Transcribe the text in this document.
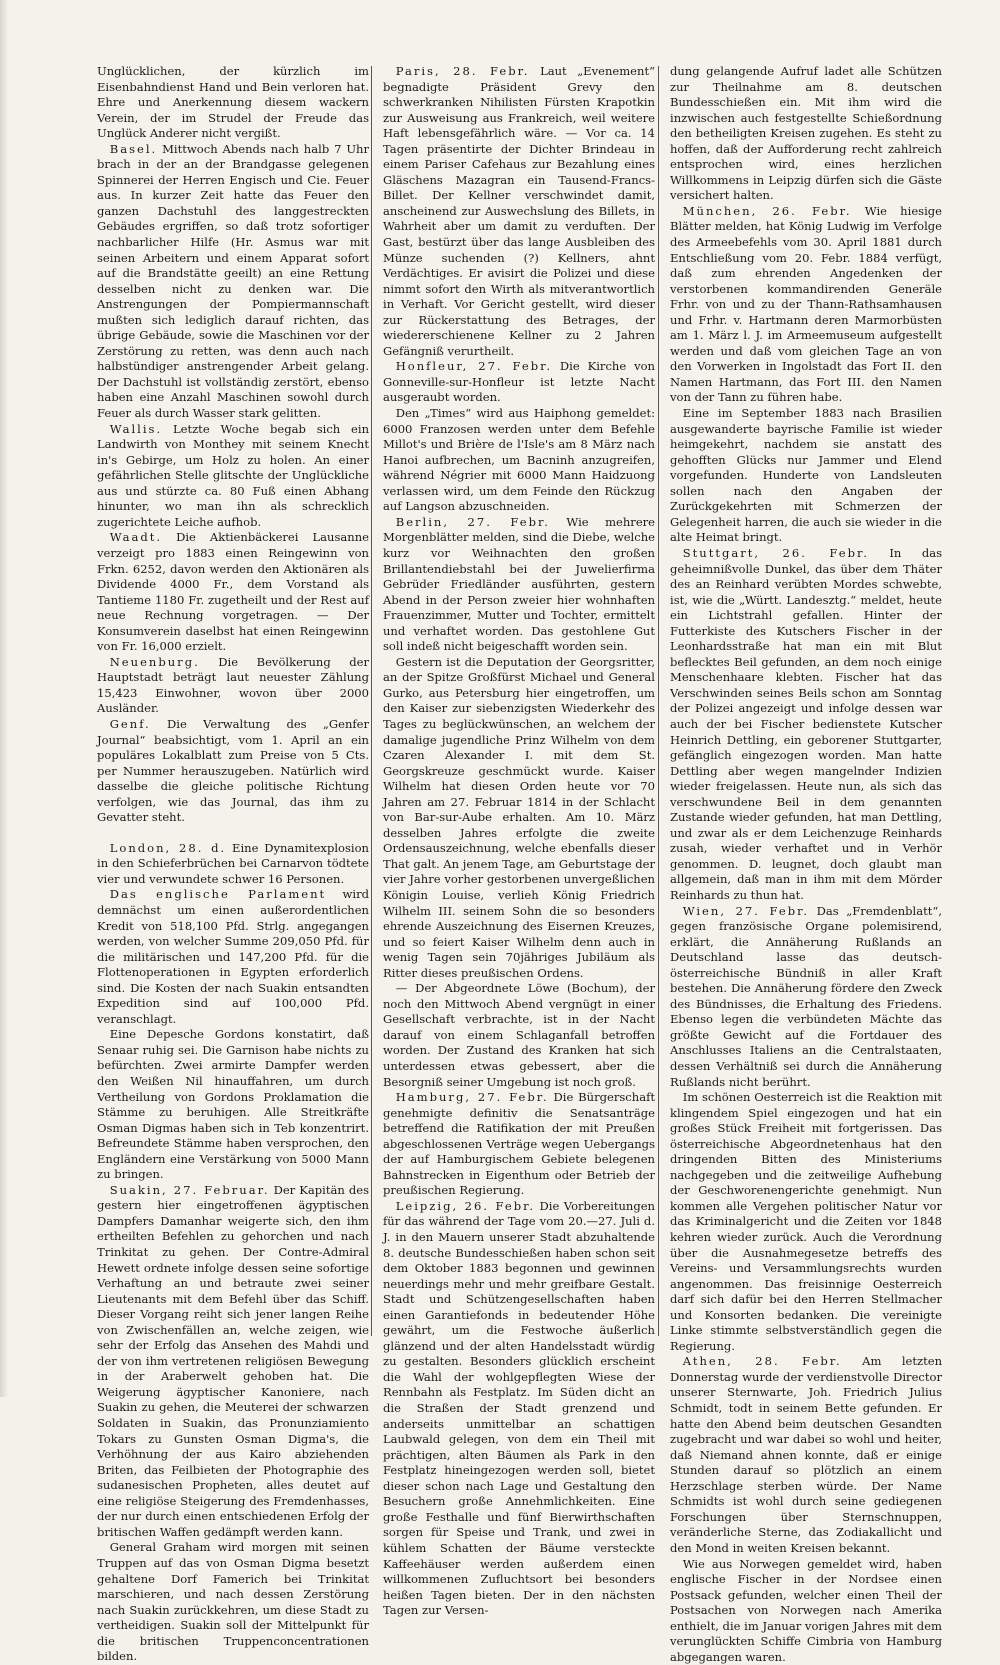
Unglücklichen, der kürzlich im Eisenbahndienst Hand und Bein verloren hat. Ehre und Anerkennung diesem wackern Verein, der im Strudel der Freude das Unglück Anderer nicht vergißt.

Basel. Mittwoch Abends nach halb 7 Uhr brach in der an der Brandgasse gelegenen Spinnerei der Herren Engisch und Cie. Feuer aus. In kurzer Zeit hatte das Feuer den ganzen Dachstuhl des langgestreckten Gebäudes ergriffen, so daß trotz sofortiger nachbarlicher Hilfe (Hr. Asmus war mit seinen Arbeitern und einem Apparat sofort auf die Brandstätte geeilt) an eine Rettung desselben nicht zu denken war. Die Anstrengungen der Pompiermannschaft mußten sich lediglich darauf richten, das übrige Gebäude, sowie die Maschinen vor der Zerstörung zu retten, was denn auch nach halbstündiger anstrengender Arbeit gelang. Der Dachstuhl ist vollständig zerstört, ebenso haben eine Anzahl Maschinen sowohl durch Feuer als durch Wasser stark gelitten.

Wallis. Letzte Woche begab sich ein Landwirth von Monthey mit seinem Knecht in's Gebirge, um Holz zu holen. An einer gefährlichen Stelle glitschte der Unglückliche aus und stürzte ca. 80 Fuß einen Abhang hinunter, wo man ihn als schrecklich zugerichtete Leiche aufhob.

Waadt. Die Aktienbäckerei Lausanne verzeigt pro 1883 einen Reingewinn von Frkn. 6252, davon werden den Aktionären als Dividende 4000 Fr., dem Vorstand als Tantieme 1180 Fr. zugetheilt und der Rest auf neue Rechnung vorgetragen. — Der Konsumverein daselbst hat einen Reingewinn von Fr. 16,000 erzielt.

Neuenburg. Die Bevölkerung der Hauptstadt beträgt laut neuester Zählung 15,423 Einwohner, wovon über 2000 Ausländer.

Genf. Die Verwaltung des „Genfer Journal“ beabsichtigt, vom 1. April an ein populäres Lokalblatt zum Preise von 5 Cts. per Nummer herauszugeben. Natürlich wird dasselbe die gleiche politische Richtung verfolgen, wie das Journal, das ihm zu Gevatter steht.

London, 28. d. Eine Dynamitexplosion in den Schieferbrüchen bei Carnarvon tödtete vier und verwundete schwer 16 Personen.

Das englische Parlament wird demnächst um einen außerordentlichen Kredit von 518,100 Pfd. Strlg. angegangen werden, von welcher Summe 209,050 Pfd. für die militärischen und 147,200 Pfd. für die Flottenoperationen in Egypten erforderlich sind. Die Kosten der nach Suakin entsandten Expedition sind auf 100,000 Pfd. veranschlagt.

Eine Depesche Gordons konstatirt, daß Senaar ruhig sei. Die Garnison habe nichts zu befürchten. Zwei armirte Dampfer werden den Weißen Nil hinauffahren, um durch Vertheilung von Gordons Proklamation die Stämme zu beruhigen. Alle Streitkräfte Osman Digmas haben sich in Teb konzentrirt. Befreundete Stämme haben versprochen, den Engländern eine Verstärkung von 5000 Mann zu bringen.

Suakin, 27. Februar. Der Kapitän des gestern hier eingetroffenen ägyptischen Dampfers Damanhar weigerte sich, den ihm ertheilten Befehlen zu gehorchen und nach Trinkitat zu gehen. Der Contre-Admiral Hewett ordnete infolge dessen seine sofortige Verhaftung an und betraute zwei seiner Lieutenants mit dem Befehl über das Schiff. Dieser Vorgang reiht sich jener langen Reihe von Zwischenfällen an, welche zeigen, wie sehr der Erfolg das Ansehen des Mahdi und der von ihm vertretenen religiösen Bewegung in der Araberwelt gehoben hat. Die Weigerung ägyptischer Kanoniere, nach Suakin zu gehen, die Meuterei der schwarzen Soldaten in Suakin, das Pronunziamiento Tokars zu Gunsten Osman Digma's, die Verhöhnung der aus Kairo abziehenden Briten, das Feilbieten der Photographie des sudanesischen Propheten, alles deutet auf eine religiöse Steigerung des Fremdenhasses, der nur durch einen entschiedenen Erfolg der britischen Waffen gedämpft werden kann.

General Graham wird morgen mit seinen Truppen auf das von Osman Digma besetzt gehaltene Dorf Famerich bei Trinkitat marschieren, und nach dessen Zerstörung nach Suakin zurückkehren, um diese Stadt zu vertheidigen. Suakin soll der Mittelpunkt für die britischen Truppenconcentrationen bilden.

Paris, 28. Febr. Laut „Evenement“ begnadigte Präsident Grevy den schwerkranken Nihilisten Fürsten Krapotkin zur Ausweisung aus Frankreich, weil weitere Haft lebensgefährlich wäre. — Vor ca. 14 Tagen präsentirte der Dichter Brindeau in einem Pariser Cafehaus zur Bezahlung eines Gläschens Mazagran ein Tausend-Francs-Billet. Der Kellner verschwindet damit, anscheinend zur Auswechslung des Billets, in Wahrheit aber um damit zu verduften. Der Gast, bestürzt über das lange Ausbleiben des Münze suchenden (?) Kellners, ahnt Verdächtiges. Er avisirt die Polizei und diese nimmt sofort den Wirth als mitverantwortlich in Verhaft. Vor Gericht gestellt, wird dieser zur Rückerstattung des Betrages, der wiedererschienene Kellner zu 2 Jahren Gefängniß verurtheilt.

Honfleur, 27. Febr. Die Kirche von Gonneville-sur-Honfleur ist letzte Nacht ausgeraubt worden.

Den „Times“ wird aus Haiphong gemeldet: 6000 Franzosen werden unter dem Befehle Millot's und Brière de l'Isle's am 8 März nach Hanoi aufbrechen, um Bacninh anzugreifen, während Négrier mit 6000 Mann Haidzuong verlassen wird, um dem Feinde den Rückzug auf Langson abzuschneiden.

Berlin, 27. Febr. Wie mehrere Morgenblätter melden, sind die Diebe, welche kurz vor Weihnachten den großen Brillantendiebstahl bei der Juwelierfirma Gebrüder Friedländer ausführten, gestern Abend in der Person zweier hier wohnhaften Frauenzimmer, Mutter und Tochter, ermittelt und verhaftet worden. Das gestohlene Gut soll indeß nicht beigeschafft worden sein.

Gestern ist die Deputation der Georgsritter, an der Spitze Großfürst Michael und General Gurko, aus Petersburg hier eingetroffen, um den Kaiser zur siebenzigsten Wiederkehr des Tages zu beglückwünschen, an welchem der damalige jugendliche Prinz Wilhelm von dem Czaren Alexander I. mit dem St. Georgskreuze geschmückt wurde. Kaiser Wilhelm hat diesen Orden heute vor 70 Jahren am 27. Februar 1814 in der Schlacht von Bar-sur-Aube erhalten. Am 10. März desselben Jahres erfolgte die zweite Ordensauszeichnung, welche ebenfalls dieser That galt. An jenem Tage, am Geburtstage der vier Jahre vorher gestorbenen unvergeßlichen Königin Louise, verlieh König Friedrich Wilhelm III. seinem Sohn die so besonders ehrende Auszeichnung des Eisernen Kreuzes, und so feiert Kaiser Wilhelm denn auch in wenig Tagen sein 70jähriges Jubiläum als Ritter dieses preußischen Ordens.

— Der Abgeordnete Löwe (Bochum), der noch den Mittwoch Abend vergnügt in einer Gesellschaft verbrachte, ist in der Nacht darauf von einem Schlaganfall betroffen worden. Der Zustand des Kranken hat sich unterdessen etwas gebessert, aber die Besorgniß seiner Umgebung ist noch groß.

Hamburg, 27. Febr. Die Bürgerschaft genehmigte definitiv die Senatsanträge betreffend die Ratifikation der mit Preußen abgeschlossenen Verträge wegen Uebergangs der auf Hamburgischem Gebiete belegenen Bahnstrecken in Eigenthum oder Betrieb der preußischen Regierung.

Leipzig, 26. Febr. Die Vorbereitungen für das während der Tage vom 20.—27. Juli d. J. in den Mauern unserer Stadt abzuhaltende 8. deutsche Bundesschießen haben schon seit dem Oktober 1883 begonnen und gewinnen neuerdings mehr und mehr greifbare Gestalt. Stadt und Schützengesellschaften haben einen Garantiefonds in bedeutender Höhe gewährt, um die Festwoche äußerlich glänzend und der alten Handelsstadt würdig zu gestalten. Besonders glücklich erscheint die Wahl der wohlgepflegten Wiese der Rennbahn als Festplatz. Im Süden dicht an die Straßen der Stadt grenzend und anderseits unmittelbar an schattigen Laubwald gelegen, von dem ein Theil mit prächtigen, alten Bäumen als Park in den Festplatz hineingezogen werden soll, bietet dieser schon nach Lage und Gestaltung den Besuchern große Annehmlichkeiten. Eine große Festhalle und fünf Bierwirthschaften sorgen für Speise und Trank, und zwei in kühlem Schatten der Bäume versteckte Kaffeehäuser werden außerdem einen willkommenen Zufluchtsort bei besonders heißen Tagen bieten. Der in den nächsten Tagen zur Versen-

dung gelangende Aufruf ladet alle Schützen zur Theilnahme am 8. deutschen Bundesschießen ein. Mit ihm wird die inzwischen auch festgestellte Schießordnung den betheiligten Kreisen zugehen. Es steht zu hoffen, daß der Aufforderung recht zahlreich entsprochen wird, eines herzlichen Willkommens in Leipzig dürfen sich die Gäste versichert halten.

München, 26. Febr. Wie hiesige Blätter melden, hat König Ludwig im Verfolge des Armeebefehls vom 30. April 1881 durch Entschließung vom 20. Febr. 1884 verfügt, daß zum ehrenden Angedenken der verstorbenen kommandirenden Generäle Frhr. von und zu der Thann-Rathsamhausen und Frhr. v. Hartmann deren Marmorbüsten am 1. März l. J. im Armeemuseum aufgestellt werden und daß vom gleichen Tage an von den Vorwerken in Ingolstadt das Fort II. den Namen Hartmann, das Fort III. den Namen von der Tann zu führen habe.

Eine im September 1883 nach Brasilien ausgewanderte bayrische Familie ist wieder heimgekehrt, nachdem sie anstatt des gehofften Glücks nur Jammer und Elend vorgefunden. Hunderte von Landsleuten sollen nach den Angaben der Zurückgekehrten mit Schmerzen der Gelegenheit harren, die auch sie wieder in die alte Heimat bringt.

Stuttgart, 26. Febr. In das geheimnißvolle Dunkel, das über dem Thäter des an Reinhard verübten Mordes schwebte, ist, wie die „Württ. Landesztg.“ meldet, heute ein Lichtstrahl gefallen. Hinter der Futterkiste des Kutschers Fischer in der Leonhardsstraße hat man ein mit Blut beflecktes Beil gefunden, an dem noch einige Menschenhaare klebten. Fischer hat das Verschwinden seines Beils schon am Sonntag der Polizei angezeigt und infolge dessen war auch der bei Fischer bedienstete Kutscher Heinrich Dettling, ein geborener Stuttgarter, gefänglich eingezogen worden. Man hatte Dettling aber wegen mangelnder Indizien wieder freigelassen. Heute nun, als sich das verschwundene Beil in dem genannten Zustande wieder gefunden, hat man Dettling, und zwar als er dem Leichenzuge Reinhards zusah, wieder verhaftet und in Verhör genommen. D. leugnet, doch glaubt man allgemein, daß man in ihm mit dem Mörder Reinhards zu thun hat.

Wien, 27. Febr. Das „Fremdenblatt“, gegen französische Organe polemisirend, erklärt, die Annäherung Rußlands an Deutschland lasse das deutsch-österreichische Bündniß in aller Kraft bestehen. Die Annäherung fördere den Zweck des Bündnisses, die Erhaltung des Friedens. Ebenso legen die verbündeten Mächte das größte Gewicht auf die Fortdauer des Anschlusses Italiens an die Centralstaaten, dessen Verhältniß sei durch die Annäherung Rußlands nicht berührt.

Im schönen Oesterreich ist die Reaktion mit klingendem Spiel eingezogen und hat ein großes Stück Freiheit mit fortgerissen. Das österreichische Abgeordnetenhaus hat den dringenden Bitten des Ministeriums nachgegeben und die zeitweilige Aufhebung der Geschworenengerichte genehmigt. Nun kommen alle Vergehen politischer Natur vor das Kriminalgericht und die Zeiten vor 1848 kehren wieder zurück. Auch die Verordnung über die Ausnahmegesetze betreffs des Vereins- und Versammlungsrechts wurden angenommen. Das freisinnige Oesterreich darf sich dafür bei den Herren Stellmacher und Konsorten bedanken. Die vereinigte Linke stimmte selbstverständlich gegen die Regierung.

Athen, 28. Febr. Am letzten Donnerstag wurde der verdienstvolle Director unserer Sternwarte, Joh. Friedrich Julius Schmidt, todt in seinem Bette gefunden. Er hatte den Abend beim deutschen Gesandten zugebracht und war dabei so wohl und heiter, daß Niemand ahnen konnte, daß er einige Stunden darauf so plötzlich an einem Herzschlage sterben würde. Der Name Schmidts ist wohl durch seine gediegenen Forschungen über Sternschnuppen, veränderliche Sterne, das Zodiakallicht und den Mond in weiten Kreisen bekannt.

Wie aus Norwegen gemeldet wird, haben englische Fischer in der Nordsee einen Postsack gefunden, welcher einen Theil der Postsachen von Norwegen nach Amerika enthielt, die im Januar vorigen Jahres mit dem verunglückten Schiffe Cimbria von Hamburg abgegangen waren.
